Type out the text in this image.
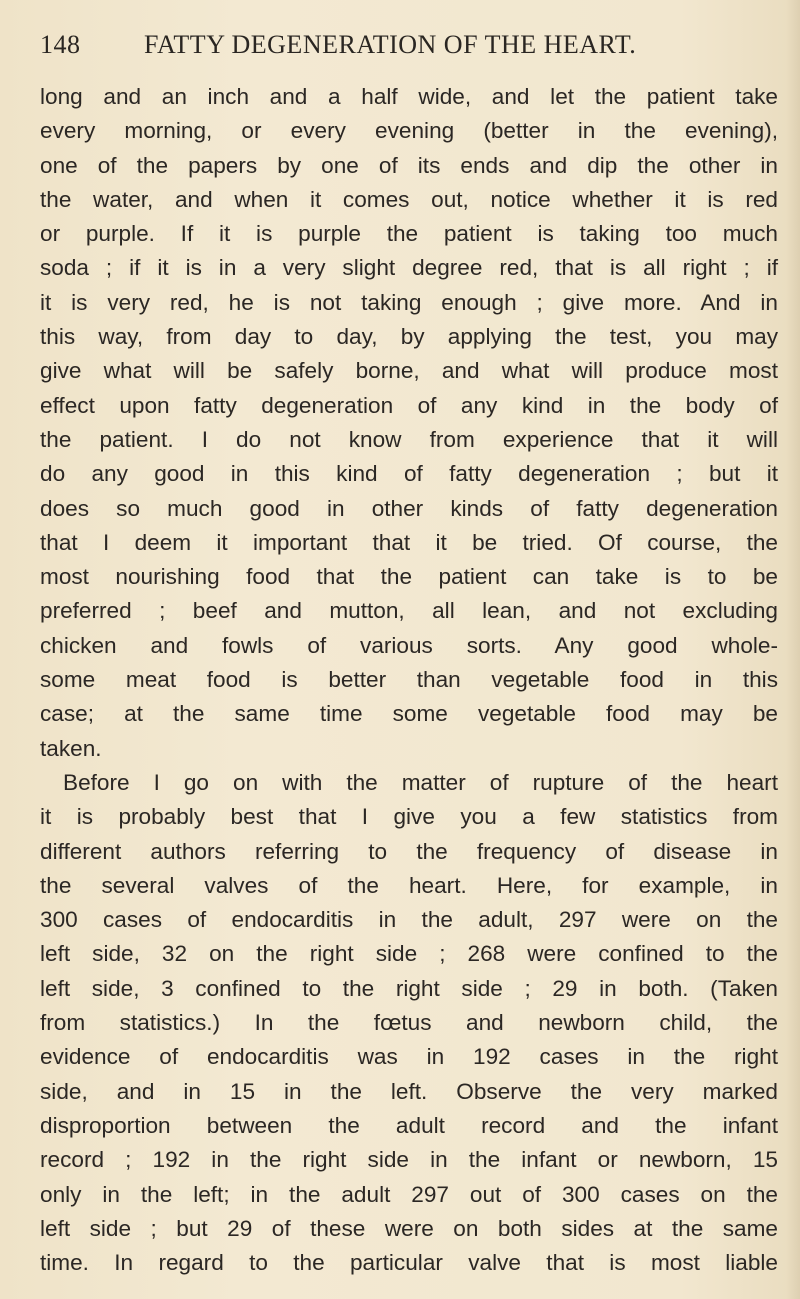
148 FATTY DEGENERATION OF THE HEART.
long and an inch and a half wide, and let the patient take
every morning, or every evening (better in the evening),
one of the papers by one of its ends and dip the other in
the water, and when it comes out, notice whether it is red
or purple. If it is purple the patient is taking too much
soda ; if it is in a very slight degree red, that is all right ; if
it is very red, he is not taking enough ; give more. And in
this way, from day to day, by applying the test, you may
give what will be safely borne, and what will produce most
effect upon fatty degeneration of any kind in the body of
the patient. I do not know from experience that it will
do any good in this kind of fatty degeneration ; but it
does so much good in other kinds of fatty degeneration
that I deem it important that it be tried. Of course, the
most nourishing food that the patient can take is to be
preferred ; beef and mutton, all lean, and not excluding
chicken and fowls of various sorts. Any good whole-
some meat food is better than vegetable food in this
case; at the same time some vegetable food may be
taken.
Before I go on with the matter of rupture of the heart
it is probably best that I give you a few statistics from
different authors referring to the frequency of disease in
the several valves of the heart. Here, for example, in
300 cases of endocarditis in the adult, 297 were on the
left side, 32 on the right side ; 268 were confined to the
left side, 3 confined to the right side ; 29 in both. (Taken
from statistics.) In the fœtus and newborn child, the
evidence of endocarditis was in 192 cases in the right
side, and in 15 in the left. Observe the very marked
disproportion between the adult record and the infant
record ; 192 in the right side in the infant or newborn, 15
only in the left; in the adult 297 out of 300 cases on the
left side ; but 29 of these were on both sides at the same
time. In regard to the particular valve that is most liable
